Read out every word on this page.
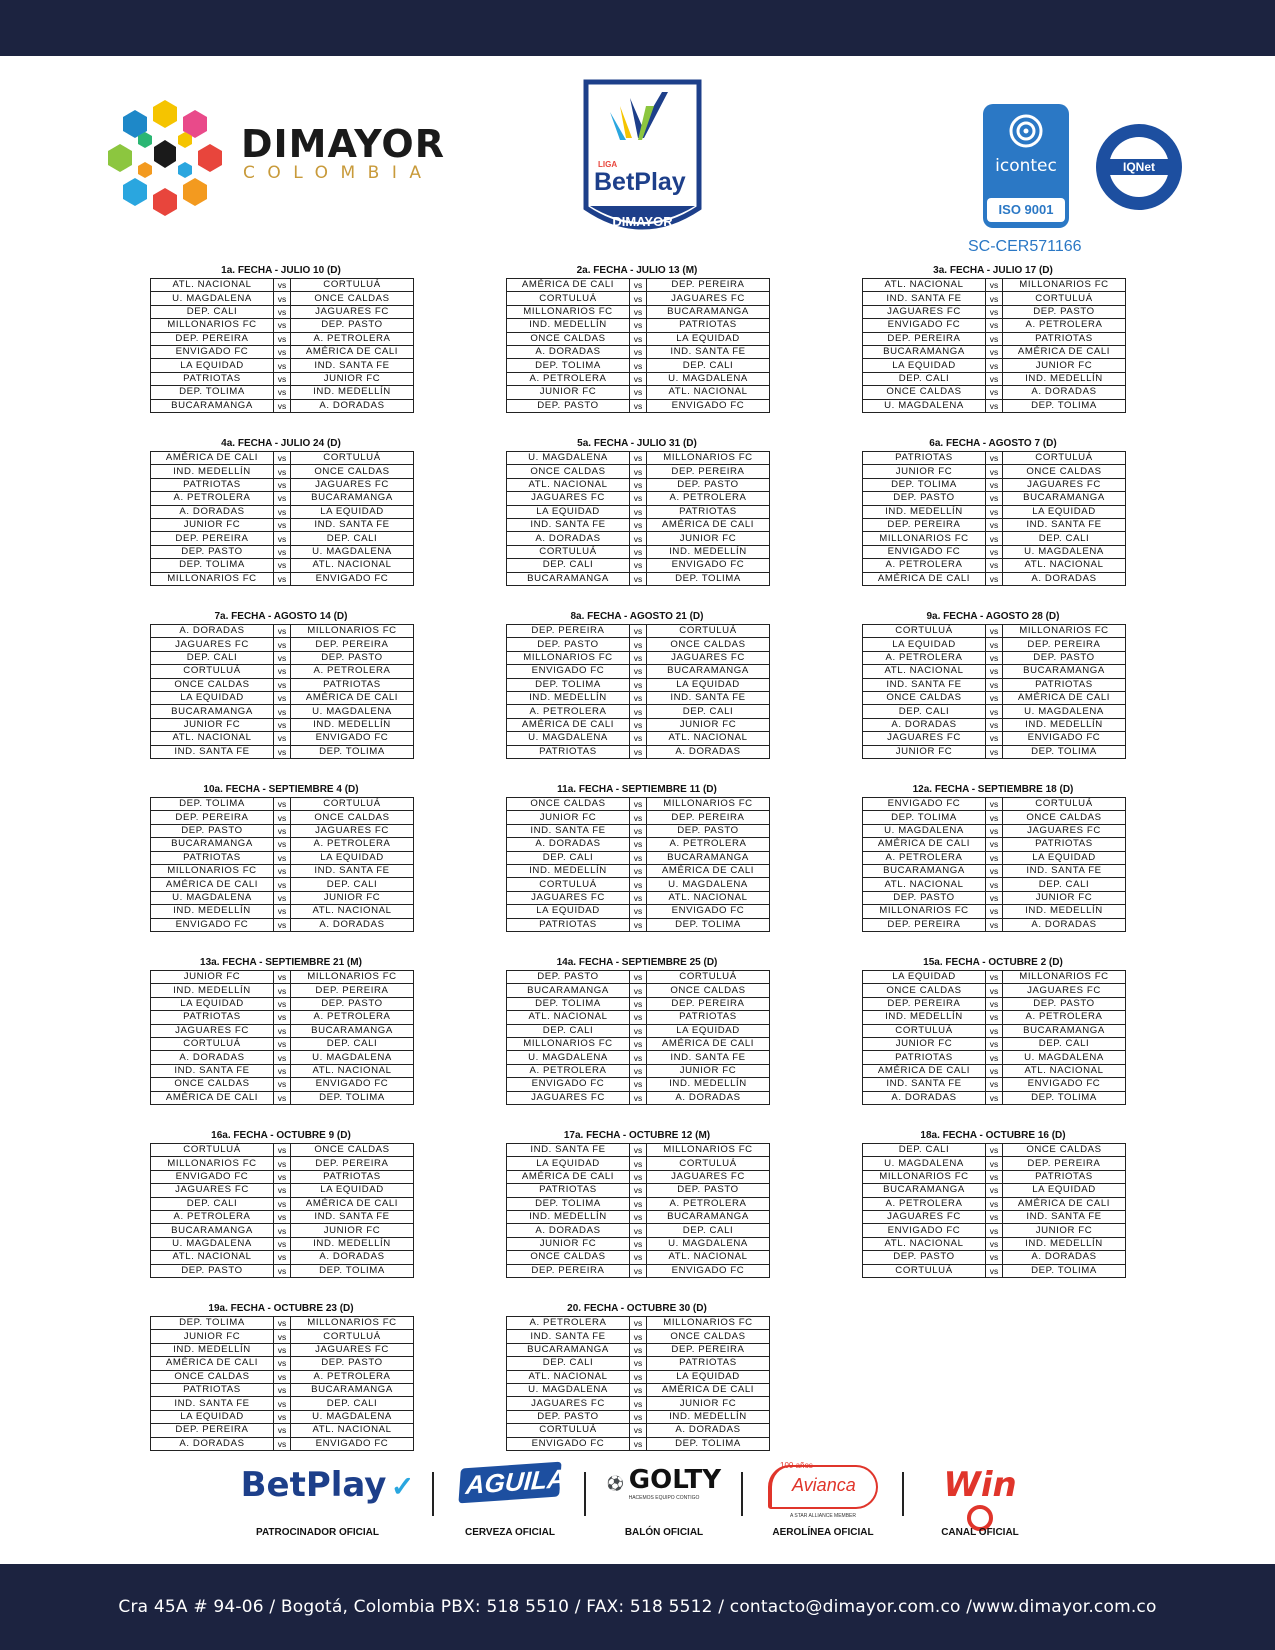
DIMAYOR
COLOMBIA	LIGA
BetPlay
DIMAYOR
icontec
ISO 9001
IQNet
SC-CER571166
1a. FECHA - JULIO 10 (D)
ATL. NACIONAL	vs	CORTULUÁ
U. MAGDALENA	vs	ONCE CALDAS
DEP. CALI	vs	JAGUARES FC
MILLONARIOS FC	vs	DEP. PASTO
DEP. PEREIRA	vs	A. PETROLERA
ENVIGADO FC	vs	AMÉRICA DE CALI
LA EQUIDAD	vs	IND. SANTA FE
PATRIOTAS	vs	JUNIOR FC
DEP. TOLIMA	vs	IND. MEDELLÍN
BUCARAMANGA	vs	A. DORADAS
2a. FECHA - JULIO 13 (M)
AMÉRICA DE CALI	vs	DEP. PEREIRA
CORTULUÁ	vs	JAGUARES FC
MILLONARIOS FC	vs	BUCARAMANGA
IND. MEDELLÍN	vs	PATRIOTAS
ONCE CALDAS	vs	LA EQUIDAD
A. DORADAS	vs	IND. SANTA FE
DEP. TOLIMA	vs	DEP. CALI
A. PETROLERA	vs	U. MAGDALENA
JUNIOR FC	vs	ATL. NACIONAL
DEP. PASTO	vs	ENVIGADO FC
3a. FECHA - JULIO 17 (D)
ATL. NACIONAL	vs	MILLONARIOS FC
IND. SANTA FE	vs	CORTULUÁ
JAGUARES FC	vs	DEP. PASTO
ENVIGADO FC	vs	A. PETROLERA
DEP. PEREIRA	vs	PATRIOTAS
BUCARAMANGA	vs	AMÉRICA DE CALI
LA EQUIDAD	vs	JUNIOR FC
DEP. CALI	vs	IND. MEDELLÍN
ONCE CALDAS	vs	A. DORADAS
U. MAGDALENA	vs	DEP. TOLIMA
4a. FECHA - JULIO 24 (D)
AMÉRICA DE CALI	vs	CORTULUÁ
IND. MEDELLÍN	vs	ONCE CALDAS
PATRIOTAS	vs	JAGUARES FC
A. PETROLERA	vs	BUCARAMANGA
A. DORADAS	vs	LA EQUIDAD
JUNIOR FC	vs	IND. SANTA FE
DEP. PEREIRA	vs	DEP. CALI
DEP. PASTO	vs	U. MAGDALENA
DEP. TOLIMA	vs	ATL. NACIONAL
MILLONARIOS FC	vs	ENVIGADO FC
5a. FECHA - JULIO 31 (D)
U. MAGDALENA	vs	MILLONARIOS FC
ONCE CALDAS	vs	DEP. PEREIRA
ATL. NACIONAL	vs	DEP. PASTO
JAGUARES FC	vs	A. PETROLERA
LA EQUIDAD	vs	PATRIOTAS
IND. SANTA FE	vs	AMÉRICA DE CALI
A. DORADAS	vs	JUNIOR FC
CORTULUÁ	vs	IND. MEDELLÍN
DEP. CALI	vs	ENVIGADO FC
BUCARAMANGA	vs	DEP. TOLIMA
6a. FECHA - AGOSTO 7 (D)
PATRIOTAS	vs	CORTULUÁ
JUNIOR FC	vs	ONCE CALDAS
DEP. TOLIMA	vs	JAGUARES FC
DEP. PASTO	vs	BUCARAMANGA
IND. MEDELLÍN	vs	LA EQUIDAD
DEP. PEREIRA	vs	IND. SANTA FE
MILLONARIOS FC	vs	DEP. CALI
ENVIGADO FC	vs	U. MAGDALENA
A. PETROLERA	vs	ATL. NACIONAL
AMÉRICA DE CALI	vs	A. DORADAS
7a. FECHA - AGOSTO 14 (D)
A. DORADAS	vs	MILLONARIOS FC
JAGUARES FC	vs	DEP. PEREIRA
DEP. CALI	vs	DEP. PASTO
CORTULUÁ	vs	A. PETROLERA
ONCE CALDAS	vs	PATRIOTAS
LA EQUIDAD	vs	AMÉRICA DE CALI
BUCARAMANGA	vs	U. MAGDALENA
JUNIOR FC	vs	IND. MEDELLÍN
ATL. NACIONAL	vs	ENVIGADO FC
IND. SANTA FE	vs	DEP. TOLIMA
8a. FECHA - AGOSTO 21 (D)
DEP. PEREIRA	vs	CORTULUÁ
DEP. PASTO	vs	ONCE CALDAS
MILLONARIOS FC	vs	JAGUARES FC
ENVIGADO FC	vs	BUCARAMANGA
DEP. TOLIMA	vs	LA EQUIDAD
IND. MEDELLÍN	vs	IND. SANTA FE
A. PETROLERA	vs	DEP. CALI
AMÉRICA DE CALI	vs	JUNIOR FC
U. MAGDALENA	vs	ATL. NACIONAL
PATRIOTAS	vs	A. DORADAS
9a. FECHA - AGOSTO 28 (D)
CORTULUÁ	vs	MILLONARIOS FC
LA EQUIDAD	vs	DEP. PEREIRA
A. PETROLERA	vs	DEP. PASTO
ATL. NACIONAL	vs	BUCARAMANGA
IND. SANTA FE	vs	PATRIOTAS
ONCE CALDAS	vs	AMÉRICA DE CALI
DEP. CALI	vs	U. MAGDALENA
A. DORADAS	vs	IND. MEDELLÍN
JAGUARES FC	vs	ENVIGADO FC
JUNIOR FC	vs	DEP. TOLIMA
10a. FECHA - SEPTIEMBRE 4 (D)
DEP. TOLIMA	vs	CORTULUÁ
DEP. PEREIRA	vs	ONCE CALDAS
DEP. PASTO	vs	JAGUARES FC
BUCARAMANGA	vs	A. PETROLERA
PATRIOTAS	vs	LA EQUIDAD
MILLONARIOS FC	vs	IND. SANTA FE
AMÉRICA DE CALI	vs	DEP. CALI
U. MAGDALENA	vs	JUNIOR FC
IND. MEDELLÍN	vs	ATL. NACIONAL
ENVIGADO FC	vs	A. DORADAS
11a. FECHA - SEPTIEMBRE 11 (D)
ONCE CALDAS	vs	MILLONARIOS FC
JUNIOR FC	vs	DEP. PEREIRA
IND. SANTA FE	vs	DEP. PASTO
A. DORADAS	vs	A. PETROLERA
DEP. CALI	vs	BUCARAMANGA
IND. MEDELLÍN	vs	AMÉRICA DE CALI
CORTULUÁ	vs	U. MAGDALENA
JAGUARES FC	vs	ATL. NACIONAL
LA EQUIDAD	vs	ENVIGADO FC
PATRIOTAS	vs	DEP. TOLIMA
12a. FECHA - SEPTIEMBRE 18 (D)
ENVIGADO FC	vs	CORTULUÁ
DEP. TOLIMA	vs	ONCE CALDAS
U. MAGDALENA	vs	JAGUARES FC
AMÉRICA DE CALI	vs	PATRIOTAS
A. PETROLERA	vs	LA EQUIDAD
BUCARAMANGA	vs	IND. SANTA FE
ATL. NACIONAL	vs	DEP. CALI
DEP. PASTO	vs	JUNIOR FC
MILLONARIOS FC	vs	IND. MEDELLÍN
DEP. PEREIRA	vs	A. DORADAS
13a. FECHA - SEPTIEMBRE 21 (M)
JUNIOR FC	vs	MILLONARIOS FC
IND. MEDELLÍN	vs	DEP. PEREIRA
LA EQUIDAD	vs	DEP. PASTO
PATRIOTAS	vs	A. PETROLERA
JAGUARES FC	vs	BUCARAMANGA
CORTULUÁ	vs	DEP. CALI
A. DORADAS	vs	U. MAGDALENA
IND. SANTA FE	vs	ATL. NACIONAL
ONCE CALDAS	vs	ENVIGADO FC
AMÉRICA DE CALI	vs	DEP. TOLIMA
14a. FECHA - SEPTIEMBRE 25 (D)
DEP. PASTO	vs	CORTULUÁ
BUCARAMANGA	vs	ONCE CALDAS
DEP. TOLIMA	vs	DEP. PEREIRA
ATL. NACIONAL	vs	PATRIOTAS
DEP. CALI	vs	LA EQUIDAD
MILLONARIOS FC	vs	AMÉRICA DE CALI
U. MAGDALENA	vs	IND. SANTA FE
A. PETROLERA	vs	JUNIOR FC
ENVIGADO FC	vs	IND. MEDELLÍN
JAGUARES FC	vs	A. DORADAS
15a. FECHA - OCTUBRE 2 (D)
LA EQUIDAD	vs	MILLONARIOS FC
ONCE CALDAS	vs	JAGUARES FC
DEP. PEREIRA	vs	DEP. PASTO
IND. MEDELLÍN	vs	A. PETROLERA
CORTULUÁ	vs	BUCARAMANGA
JUNIOR FC	vs	DEP. CALI
PATRIOTAS	vs	U. MAGDALENA
AMÉRICA DE CALI	vs	ATL. NACIONAL
IND. SANTA FE	vs	ENVIGADO FC
A. DORADAS	vs	DEP. TOLIMA
16a. FECHA - OCTUBRE 9 (D)
CORTULUÁ	vs	ONCE CALDAS
MILLONARIOS FC	vs	DEP. PEREIRA
ENVIGADO FC	vs	PATRIOTAS
JAGUARES FC	vs	LA EQUIDAD
DEP. CALI	vs	AMÉRICA DE CALI
A. PETROLERA	vs	IND. SANTA FE
BUCARAMANGA	vs	JUNIOR FC
U. MAGDALENA	vs	IND. MEDELLÍN
ATL. NACIONAL	vs	A. DORADAS
DEP. PASTO	vs	DEP. TOLIMA
17a. FECHA - OCTUBRE 12 (M)
IND. SANTA FE	vs	MILLONARIOS FC
LA EQUIDAD	vs	CORTULUÁ
AMÉRICA DE CALI	vs	JAGUARES FC
PATRIOTAS	vs	DEP. PASTO
DEP. TOLIMA	vs	A. PETROLERA
IND. MEDELLÍN	vs	BUCARAMANGA
A. DORADAS	vs	DEP. CALI
JUNIOR FC	vs	U. MAGDALENA
ONCE CALDAS	vs	ATL. NACIONAL
DEP. PEREIRA	vs	ENVIGADO FC
18a. FECHA - OCTUBRE 16 (D)
DEP. CALI	vs	ONCE CALDAS
U. MAGDALENA	vs	DEP. PEREIRA
MILLONARIOS FC	vs	PATRIOTAS
BUCARAMANGA	vs	LA EQUIDAD
A. PETROLERA	vs	AMÉRICA DE CALI
JAGUARES FC	vs	IND. SANTA FE
ENVIGADO FC	vs	JUNIOR FC
ATL. NACIONAL	vs	IND. MEDELLÍN
DEP. PASTO	vs	A. DORADAS
CORTULUÁ	vs	DEP. TOLIMA
19a. FECHA - OCTUBRE 23 (D)
DEP. TOLIMA	vs	MILLONARIOS FC
JUNIOR FC	vs	CORTULUÁ
IND. MEDELLÍN	vs	JAGUARES FC
AMÉRICA DE CALI	vs	DEP. PASTO
ONCE CALDAS	vs	A. PETROLERA
PATRIOTAS	vs	BUCARAMANGA
IND. SANTA FE	vs	DEP. CALI
LA EQUIDAD	vs	U. MAGDALENA
DEP. PEREIRA	vs	ATL. NACIONAL
A. DORADAS	vs	ENVIGADO FC
20. FECHA - OCTUBRE 30 (D)
A. PETROLERA	vs	MILLONARIOS FC
IND. SANTA FE	vs	ONCE CALDAS
BUCARAMANGA	vs	DEP. PEREIRA
DEP. CALI	vs	PATRIOTAS
ATL. NACIONAL	vs	LA EQUIDAD
U. MAGDALENA	vs	AMÉRICA DE CALI
JAGUARES FC	vs	JUNIOR FC
DEP. PASTO	vs	IND. MEDELLÍN
CORTULUÁ	vs	A. DORADAS
ENVIGADO FC	vs	DEP. TOLIMA
BetPlay ✓
PATROCINADOR OFICIAL
AGUILA
CERVEZA OFICIAL
⚽ GOLTY
HACEMOS EQUIPO CONTIGO
BALÓN OFICIAL
100 años
Avianca
A STAR ALLIANCE MEMBER
AEROLÍNEA OFICIAL
Win
CANAL OFICIAL
Cra 45A # 94-06 / Bogotá, Colombia PBX: 518 5510 / FAX: 518 5512 / contacto@dimayor.com.co /www.dimayor.com.co
